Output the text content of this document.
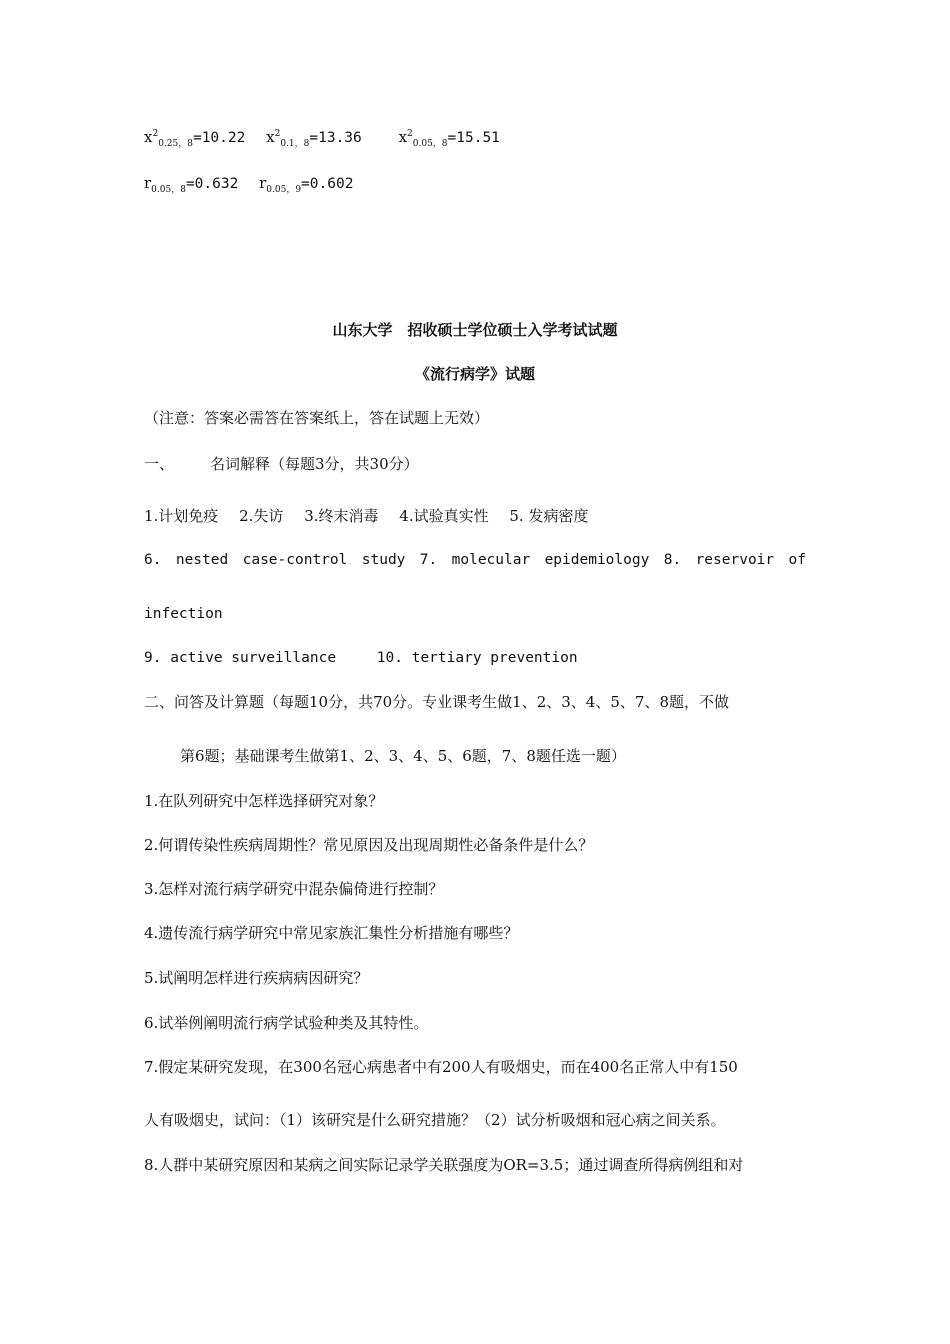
$x^2_{0.25,8}=10.22$ $x^2_{0.1,8}=13.36$ $x^2_{0.05,8}=15.51$
$r_{0.05,8}=0.632$ $r_{0.05,9}=0.602$
山东大学　招收硕士学位硕士入学考试试题
《流行病学》试题
（注意：答案必需答在答案纸上，答在试题上无效）
一、 名词解释（每题3分，共30分）
1.计划免疫 2.失访 3.终末消毒 4.试验真实性 5. 发病密度
6. nested case-control study 7. molecular epidemiology 8. reservoir of
infection
9. active surveillance	10. tertiary prevention
二、问答及计算题（每题10分，共70分。专业课考生做1、2、3、4、5、7、8题，不做
第6题；基础课考生做第1、2、3、4、5、6题，7、8题任选一题）
1.在队列研究中怎样选择研究对象？
2.何谓传染性疾病周期性？常见原因及出现周期性必备条件是什么？
3.怎样对流行病学研究中混杂偏倚进行控制？
4.遗传流行病学研究中常见家族汇集性分析措施有哪些？
5.试阐明怎样进行疾病病因研究？
6.试举例阐明流行病学试验种类及其特性。
7.假定某研究发现，在300名冠心病患者中有200人有吸烟史，而在400名正常人中有150
人有吸烟史，试问：（1）该研究是什么研究措施？（2）试分析吸烟和冠心病之间关系。
8.人群中某研究原因和某病之间实际记录学关联强度为OR=3.5；通过调查所得病例组和对
